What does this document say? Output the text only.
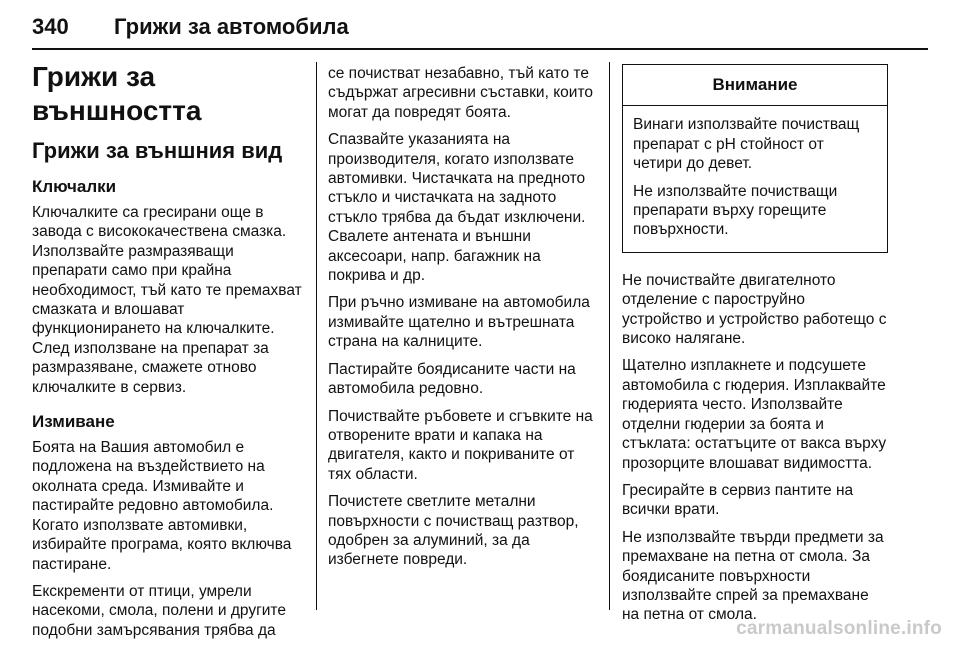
340	Грижи за автомобила
Грижи за външността
Грижи за външния вид
Ключалки

Ключалките са гресирани още в завода с висококачествена смазка. Използвайте размразяващи препарати само при крайна необходимост, тъй като те премахват смазката и влошават функционирането на ключалките. След използване на препарат за размразяване, смажете отново ключалките в сервиз.

Измиване

Боята на Вашия автомобил е подложена на въздействието на околната среда. Измивайте и пастирайте редовно автомобила. Когато използвате автомивки, избирайте програма, която включва пастиране.

Екскременти от птици, умрели насекоми, смола, полени и другите подобни замърсявания трябва да

се почистват незабавно, тъй като те съдържат агресивни съставки, които могат да повредят боята.

Спазвайте указанията на производителя, когато използвате автомивки. Чистачката на предното стъкло и чистачката на задното стъкло трябва да бъдат изключени. Свалете антената и външни аксесоари, напр. багажник на покрива и др.

При ръчно измиване на автомобила измивайте щателно и вътрешната страна на калниците.

Пастирайте боядисаните части на автомобила редовно.

Почиствайте ръбовете и сгъвките на отворените врати и капака на двигателя, както и покриваните от тях области.

Почистете светлите метални повърхности с почистващ разтвор, одобрен за алуминий, за да избегнете повреди.

Внимание

Винаги използвайте почистващ препарат с pH стойност от четири до девет.

Не използвайте почистващи препарати върху горещите повърхности.

Не почиствайте двигателното отделение с пароструйно устройство и устройство работещо с високо налягане.

Щателно изплакнете и подсушете автомобила с гюдерия. Изплаквайте гюдерията често. Използвайте отделни гюдерии за боята и стъклата: остатъците от вакса върху прозорците влошават видимостта.

Гресирайте в сервиз пантите на всички врати.

Не използвайте твърди предмети за премахване на петна от смола. За боядисаните повърхности използвайте спрей за премахване на петна от смола.

carmanualsonline.info
